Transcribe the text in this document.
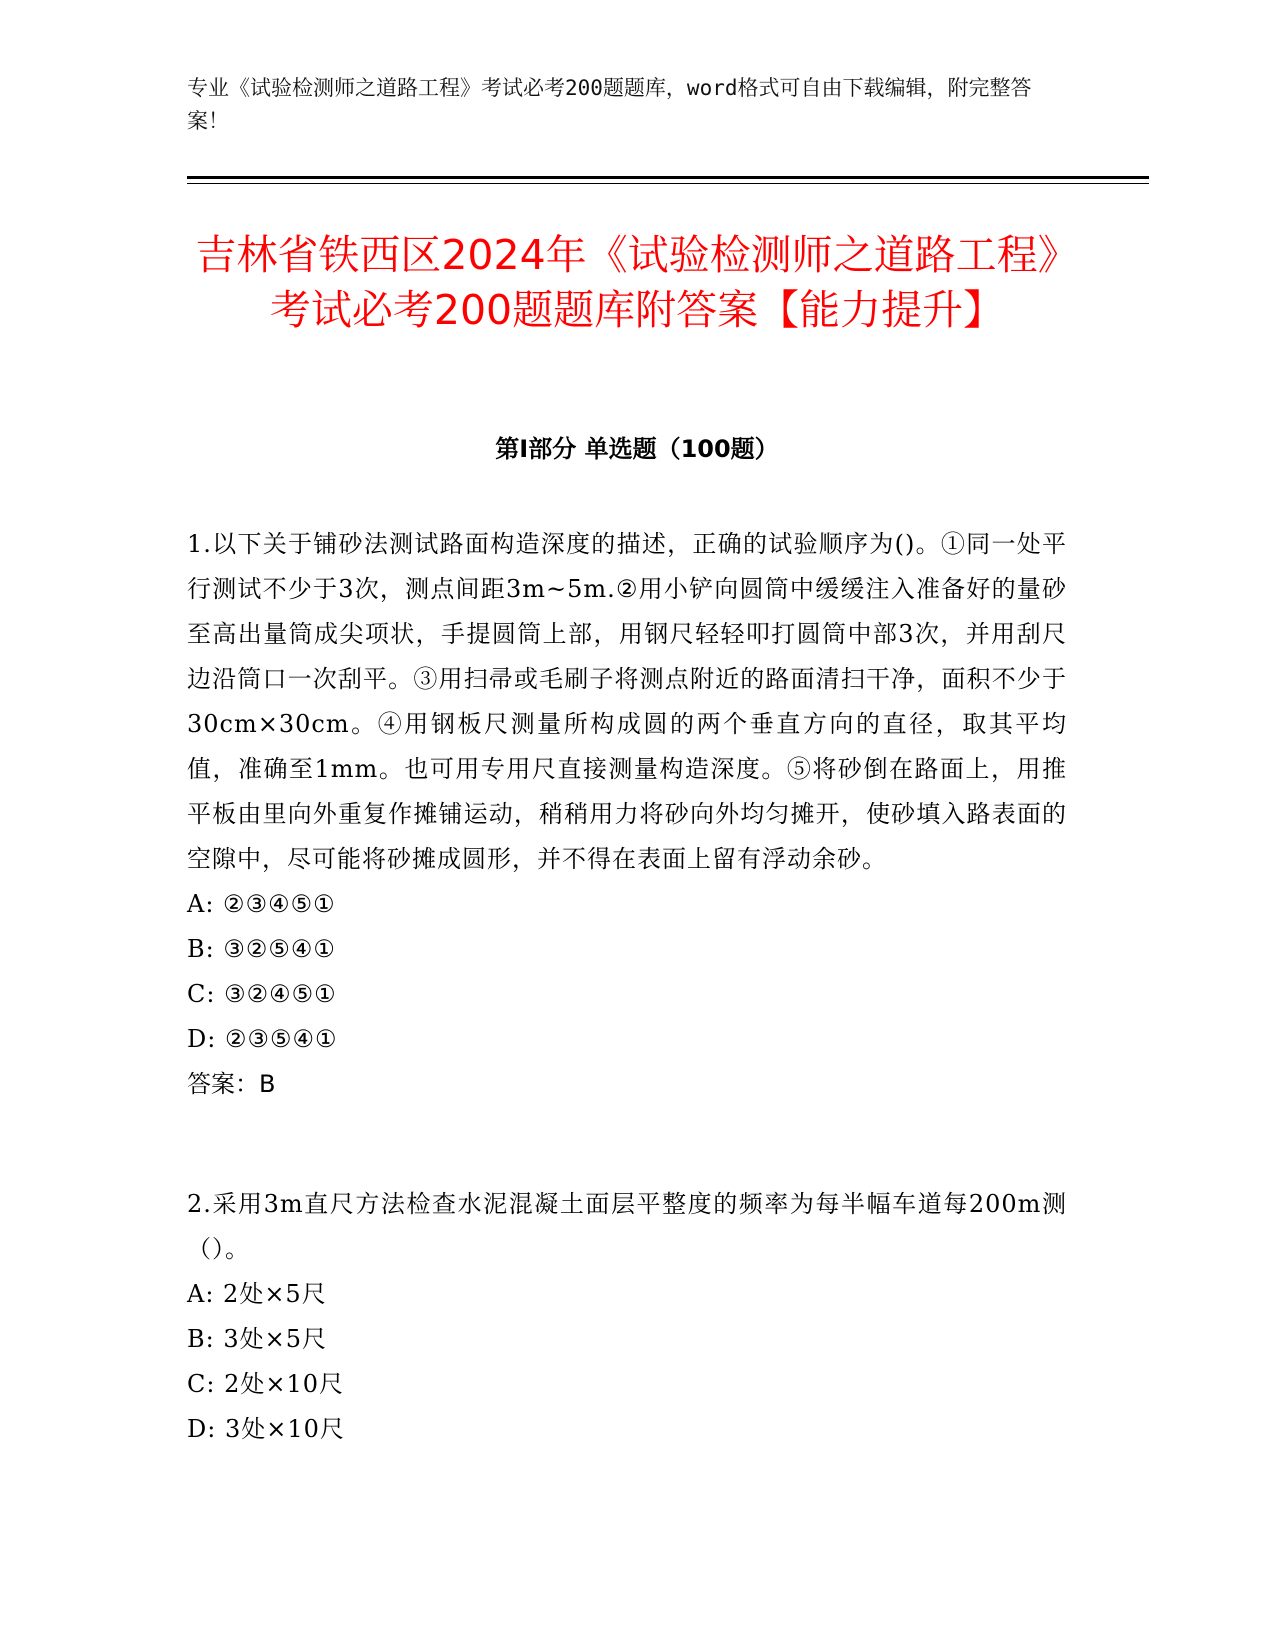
专业《试验检测师之道路工程》考试必考200题题库，word格式可自由下载编辑，附完整答案！
吉林省铁西区2024年《试验检测师之道路工程》考试必考200题题库附答案【能力提升】
第I部分 单选题（100题）

1.以下关于铺砂法测试路面构造深度的描述，正确的试验顺序为()。①同一处平行测试不少于3次，测点间距3m~5m.②用小铲向圆筒中缓缓注入准备好的量砂至高出量筒成尖项状，手提圆筒上部，用钢尺轻轻叩打圆筒中部3次，并用刮尺边沿筒口一次刮平。③用扫帚或毛刷子将测点附近的路面清扫干净，面积不少于30cm×30cm。④用钢板尺测量所构成圆的两个垂直方向的直径，取其平均值，准确至1mm。也可用专用尺直接测量构造深度。⑤将砂倒在路面上，用推平板由里向外重复作摊铺运动，稍稍用力将砂向外均匀摊开，使砂填入路表面的空隙中，尽可能将砂摊成圆形，并不得在表面上留有浮动余砂。

A: ②③④⑤①

B: ③②⑤④①

C: ③②④⑤①

D: ②③⑤④①

答案：B

2.采用3m直尺方法检查水泥混凝土面层平整度的频率为每半幅车道每200m测（）。

A: 2处×5尺

B: 3处×5尺

C: 2处×10尺

D: 3处×10尺
